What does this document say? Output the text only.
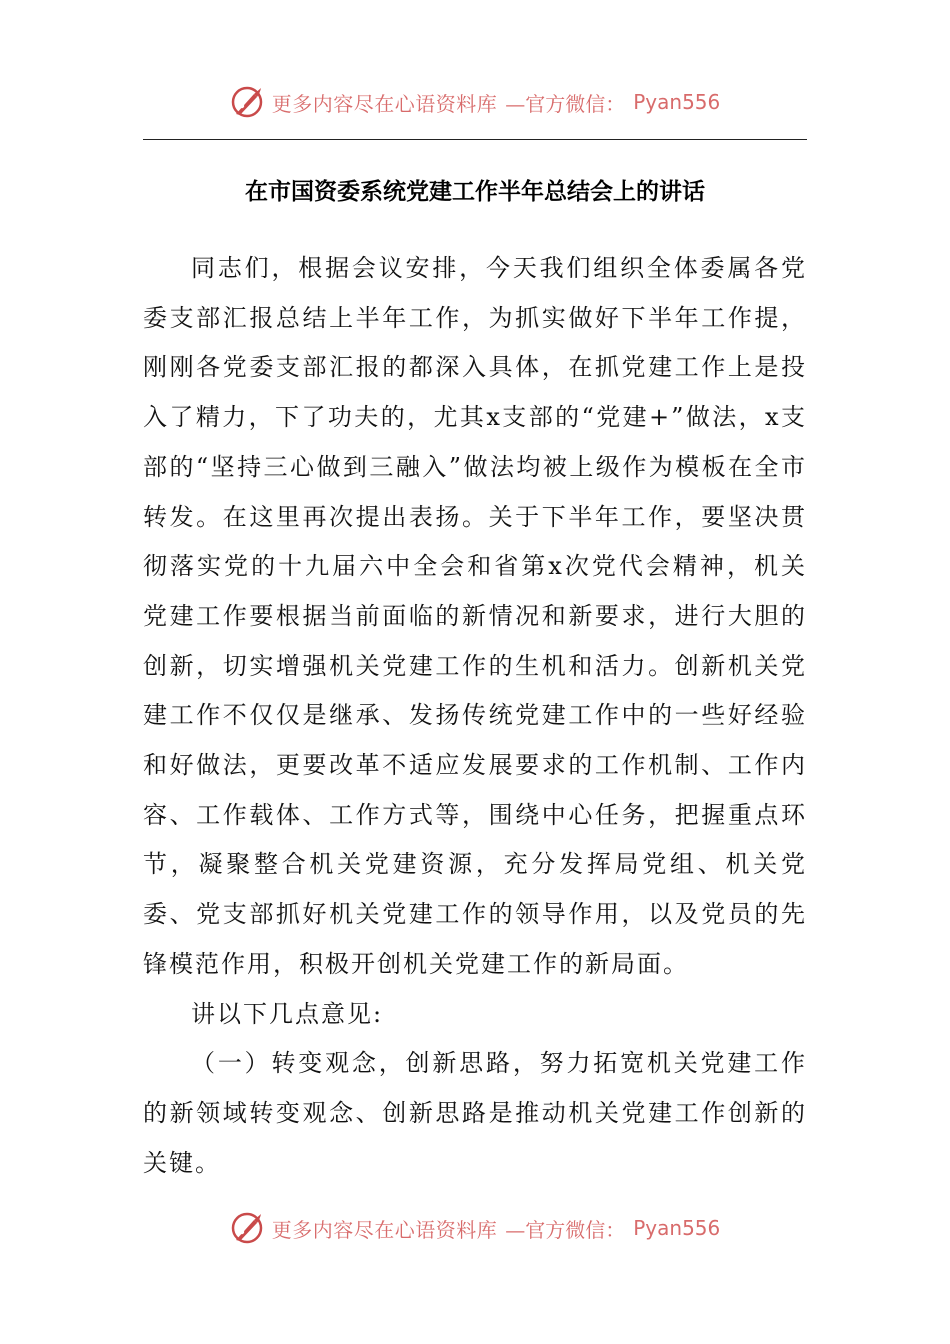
更多内容尽在心语资料库 —官方微信： Pyan556
在市国资委系统党建工作半年总结会上的讲话

同志们，根据会议安排，今天我们组织全体委属各党委支部汇报总结上半年工作，为抓实做好下半年工作提，刚刚各党委支部汇报的都深入具体，在抓党建工作上是投入了精力，下了功夫的，尤其x支部的“党建+”做法，x支部的“坚持三心做到三融入”做法均被上级作为模板在全市转发。在这里再次提出表扬。关于下半年工作，要坚决贯彻落实党的十九届六中全会和省第x次党代会精神，机关党建工作要根据当前面临的新情况和新要求，进行大胆的创新，切实增强机关党建工作的生机和活力。创新机关党建工作不仅仅是继承、发扬传统党建工作中的一些好经验和好做法，更要改革不适应发展要求的工作机制、工作内容、工作载体、工作方式等，围绕中心任务，把握重点环节，凝聚整合机关党建资源，充分发挥局党组、机关党委、党支部抓好机关党建工作的领导作用，以及党员的先锋模范作用，积极开创机关党建工作的新局面。

讲以下几点意见:

（一）转变观念，创新思路，努力拓宽机关党建工作的新领域转变观念、创新思路是推动机关党建工作创新的关键。

更多内容尽在心语资料库 —官方微信： Pyan556
